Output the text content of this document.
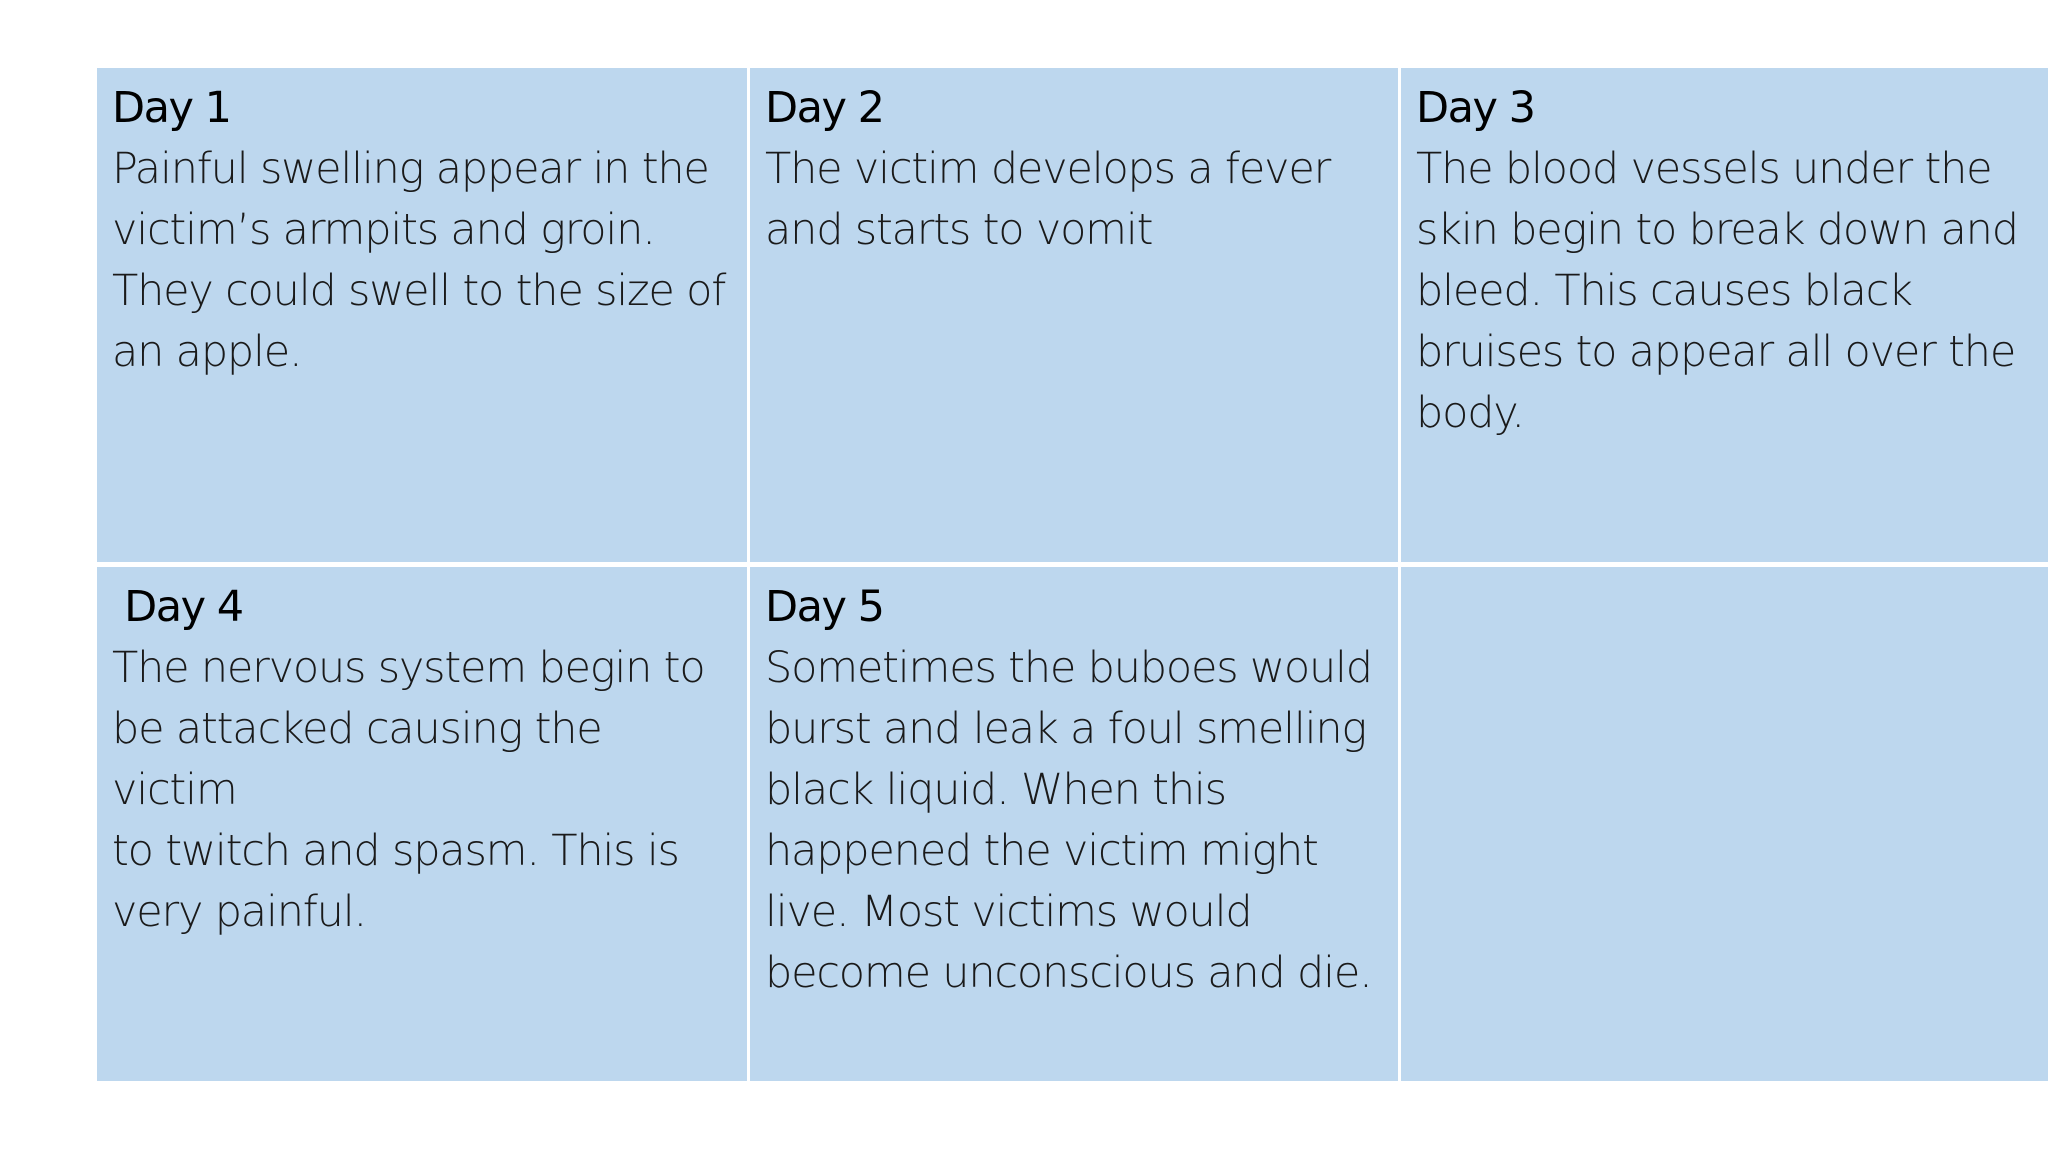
Day 1
Painful swelling appear in the
victim’s armpits and groin.
They could swell to the size of
an apple.
Day 2
The victim develops a fever
and starts to vomit
Day 3
The blood vessels under the
skin begin to break down and
bleed. This causes black
bruises to appear all over the
body.
Day 4
The nervous system begin to
be attacked causing the victim
to twitch and spasm. This is
very painful.
Day 5
Sometimes the buboes would
burst and leak a foul smelling
black liquid. When this
happened the victim might
live. Most victims would
become unconscious and die.
